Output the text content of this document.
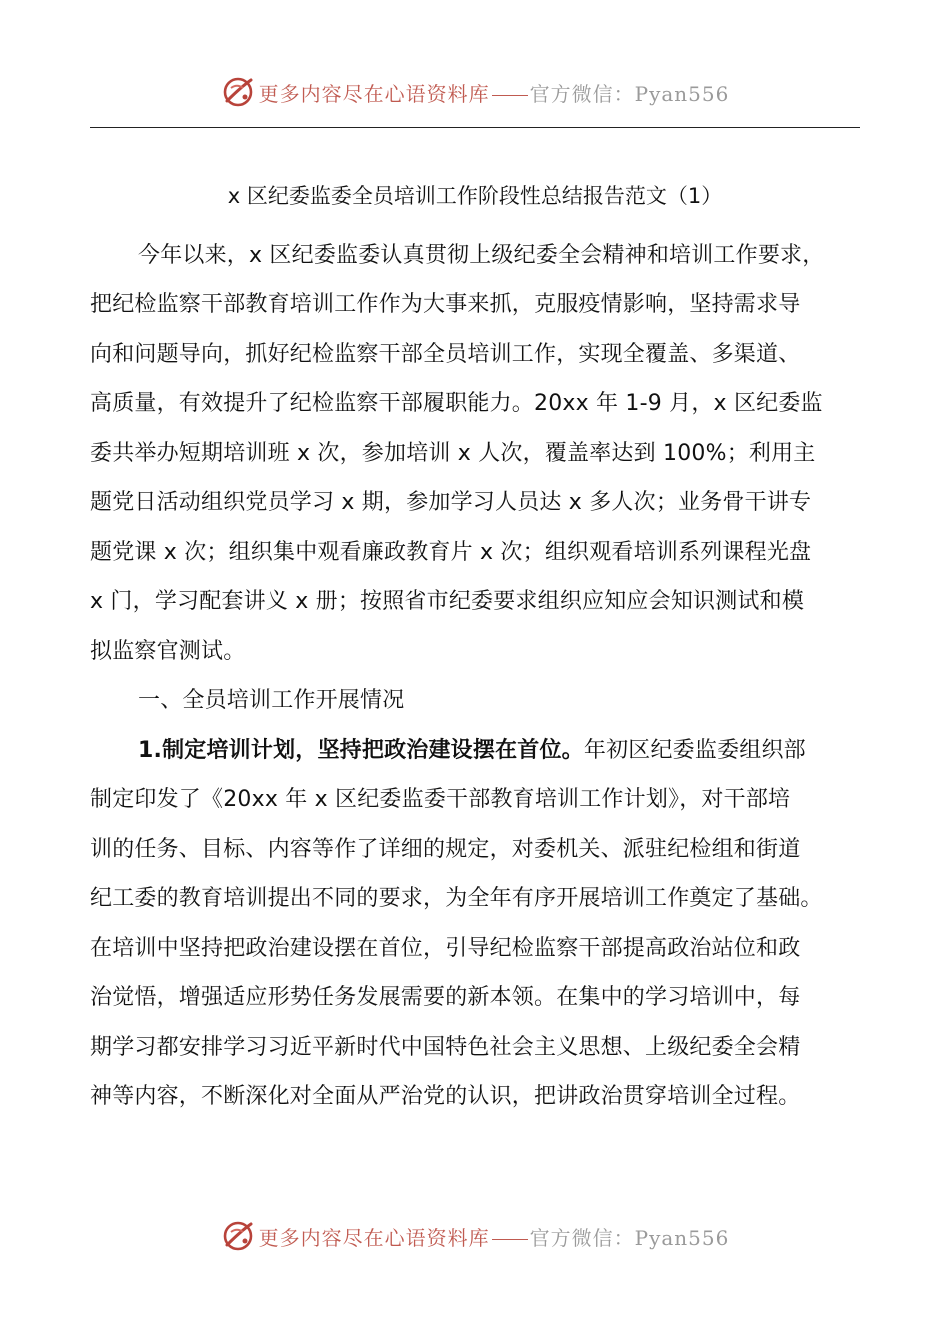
更多内容尽在心语资料库 官方微信：Pyan556
x 区纪委监委全员培训工作阶段性总结报告范文（1）
今年以来，x 区纪委监委认真贯彻上级纪委全会精神和培训工作要求，
把纪检监察干部教育培训工作作为大事来抓，克服疫情影响，坚持需求导
向和问题导向，抓好纪检监察干部全员培训工作，实现全覆盖、多渠道、
高质量，有效提升了纪检监察干部履职能力。20xx 年 1-9 月，x 区纪委监
委共举办短期培训班 x 次，参加培训 x 人次，覆盖率达到 100%；利用主
题党日活动组织党员学习 x 期，参加学习人员达 x 多人次；业务骨干讲专
题党课 x 次；组织集中观看廉政教育片 x 次；组织观看培训系列课程光盘
x 门，学习配套讲义 x 册；按照省市纪委要求组织应知应会知识测试和模
拟监察官测试。
一、全员培训工作开展情况
1.制定培训计划，坚持把政治建设摆在首位。年初区纪委监委组织部
制定印发了《20xx 年 x 区纪委监委干部教育培训工作计划》，对干部培
训的任务、目标、内容等作了详细的规定，对委机关、派驻纪检组和街道
纪工委的教育培训提出不同的要求，为全年有序开展培训工作奠定了基础。
在培训中坚持把政治建设摆在首位，引导纪检监察干部提高政治站位和政
治觉悟，增强适应形势任务发展需要的新本领。在集中的学习培训中，每
期学习都安排学习习近平新时代中国特色社会主义思想、上级纪委全会精
神等内容，不断深化对全面从严治党的认识，把讲政治贯穿培训全过程。
更多内容尽在心语资料库 官方微信：Pyan556
